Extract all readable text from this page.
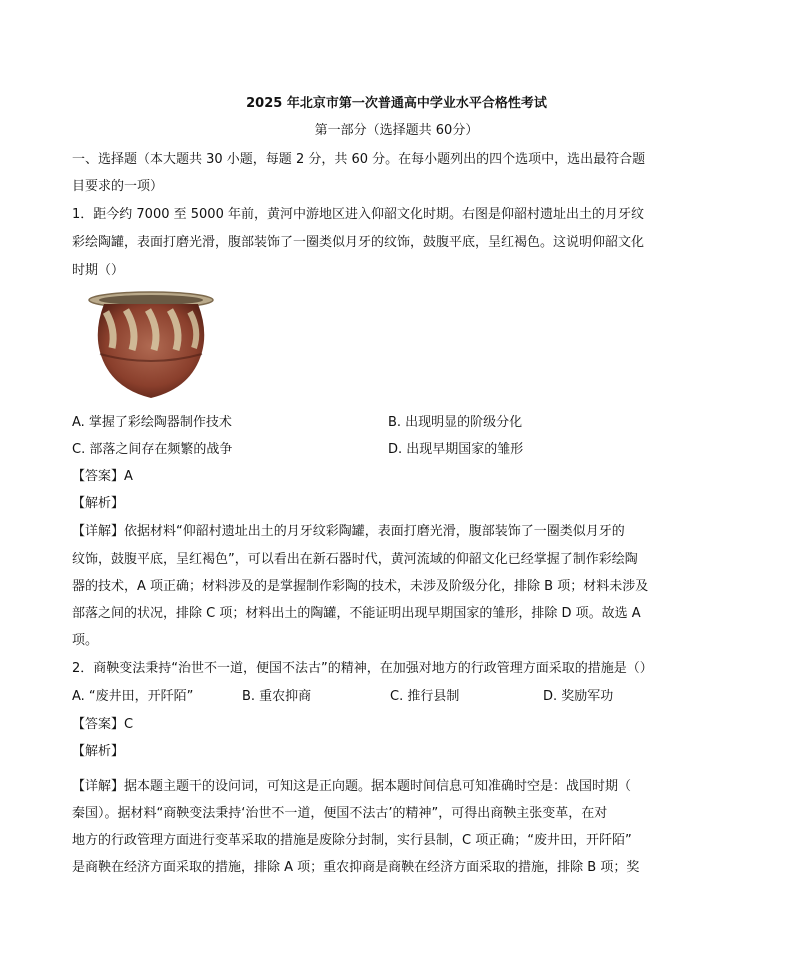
2025 年北京市第一次普通高中学业水平合格性考试
第一部分（选择题共 60分）
一、选择题（本大题共 30 小题，每题 2 分，共 60 分。在每小题列出的四个选项中，选出最符合题
目要求的一项）
1．距今约 7000 至 5000 年前，黄河中游地区进入仰韶文化时期。右图是仰韶村遗址出土的月牙纹
彩绘陶罐，表面打磨光滑，腹部装饰了一圈类似月牙的纹饰，鼓腹平底，呈红褐色。这说明仰韶文化
时期（）
A. 掌握了彩绘陶器制作技术	B. 出现明显的阶级分化
C. 部落之间存在频繁的战争	D. 出现早期国家的雏形
【答案】A
【解析】
【详解】依据材料“仰韶村遗址出土的月牙纹彩陶罐，表面打磨光滑，腹部装饰了一圈类似月牙的
纹饰，鼓腹平底，呈红褐色”，可以看出在新石器时代，黄河流域的仰韶文化已经掌握了制作彩绘陶
器的技术，A 项正确；材料涉及的是掌握制作彩陶的技术，未涉及阶级分化，排除 B 项；材料未涉及
部落之间的状况，排除 C 项；材料出土的陶罐，不能证明出现早期国家的雏形，排除 D 项。故选 A
项。
2．商鞅变法秉持“治世不一道，便国不法古”的精神，在加强对地方的行政管理方面采取的措施是（）
A. “废井田，开阡陌”	B. 重农抑商	C. 推行县制	D. 奖励军功
【答案】C
【解析】
【详解】据本题主题干的设问词，可知这是正向题。据本题时间信息可知准确时空是：战国时期（
秦国）。据材料“商鞅变法秉持‘治世不一道，便国不法古’的精神”，可得出商鞅主张变革，在对
地方的行政管理方面进行变革采取的措施是废除分封制，实行县制，C 项正确；“废井田，开阡陌”
是商鞅在经济方面采取的措施，排除 A 项；重农抑商是商鞅在经济方面采取的措施，排除 B 项；奖
